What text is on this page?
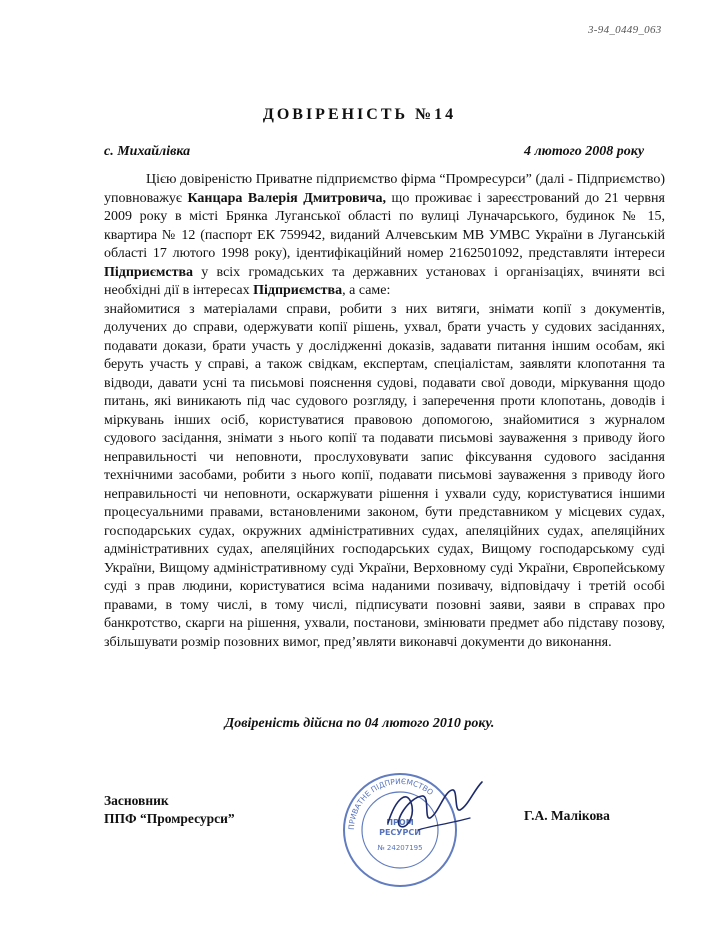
3-94_0449_063
ДОВІРЕНІСТЬ №14
с. Михайлівка	4 лютого 2008 року

Цією довіреністю Приватне підприємство фірма “Промресурси” (далі - Підприємство) уповноважує Канцара Валерія Дмитровича, що проживає і зареєстрований до 21 червня 2009 року в місті Брянка Луганської області по вулиці Луначарського, будинок № 15, квартира № 12 (паспорт ЕК 759942, виданий Алчевським МВ УМВС України в Луганській області 17 лютого 1998 року), ідентифікаційний номер 2162501092, представляти інтереси Підприємства у всіх громадських та державних установах і організаціях, вчиняти всі необхідні дії в інтересах Підприємства, а саме:

знайомитися з матеріалами справи, робити з них витяги, знімати копії з документів, долучених до справи, одержувати копії рішень, ухвал, брати участь у судових засіданнях, подавати докази, брати участь у дослідженні доказів, задавати питання іншим особам, які беруть участь у справі, а також свідкам, експертам, спеціалістам, заявляти клопотання та відводи, давати усні та письмові пояснення судові, подавати свої доводи, міркування щодо питань, які виникають під час судового розгляду, і заперечення проти клопотань, доводів і міркувань інших осіб, користуватися правовою допомогою, знайомитися з журналом судового засідання, знімати з нього копії та подавати письмові зауваження з приводу його неправильності чи неповноти, прослуховувати запис фіксування судового засідання технічними засобами, робити з нього копії, подавати письмові зауваження з приводу його неправильності чи неповноти, оскаржувати рішення і ухвали суду, користуватися іншими процесуальними правами, встановленими законом, бути представником у місцевих судах, господарських судах, окружних адміністративних судах, апеляційних судах, апеляційних адміністративних судах, апеляційних господарських судах, Вищому господарському суді України, Вищому адміністративному суді України, Верховному суді України, Європейському суді з прав людини, користуватися всіма наданими позивачу, відповідачу і третій особі правами, в тому числі, в тому числі, підписувати позовні заяви, заяви в справах про банкротство, скарги на рішення, ухвали, постанови, змінювати предмет або підставу позову, збільшувати розмір позовних вимог, пред’являти виконавчі документи до виконання.

Довіреність дійсна по 04 лютого 2010 року.
Засновник
ППФ “Промресурси”
ПРИВАТНЕ ПІДПРИЄМСТВО
ПРОМ
РЕСУРСИ
№ 24207195
Г.А. Малікова
